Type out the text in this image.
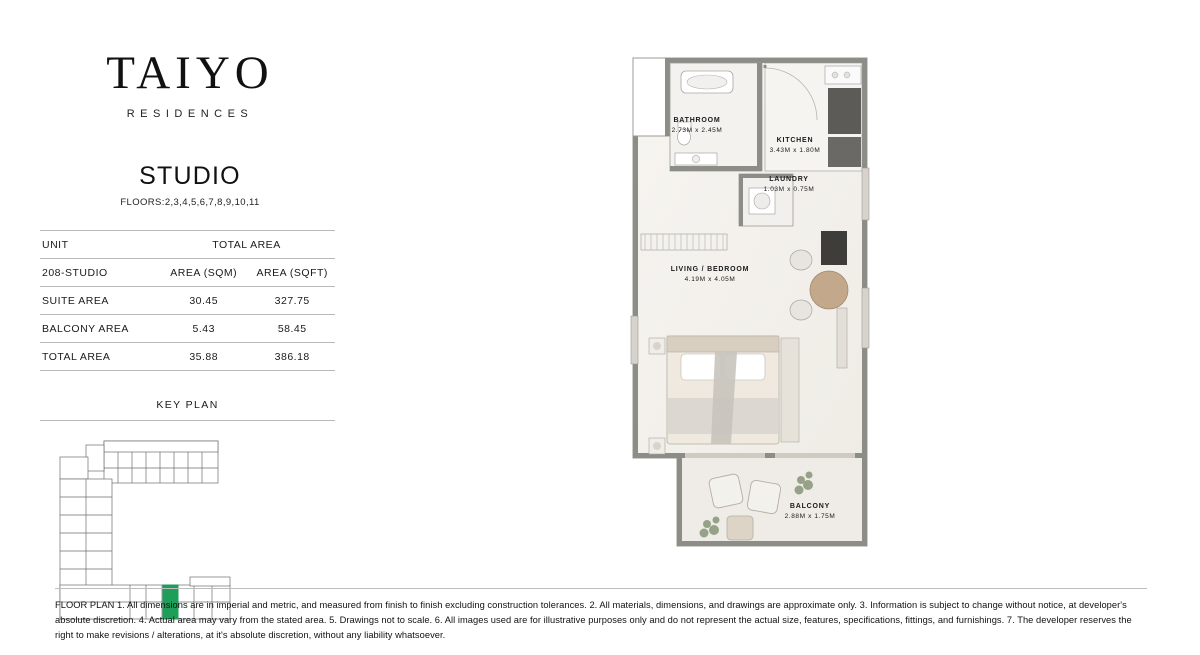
TAIYO
RESIDENCES
STUDIO
FLOORS:2,3,4,5,6,7,8,9,10,11
UNIT	TOTAL AREA	
208-STUDIO	AREA (SQM)	AREA (SQFT)
SUITE AREA	30.45	327.75
BALCONY AREA	5.43	58.45
TOTAL AREA	35.88	386.18
KEY PLAN
BATHROOM
2.73M x 2.45M
KITCHEN
3.43M x 1.80M
LAUNDRY
1.03M x 0.75M
LIVING / BEDROOM
4.19M x 4.05M
BALCONY
2.88M x 1.75M
FLOOR PLAN 1. All dimensions are in imperial and metric, and measured from finish to finish excluding construction tolerances. 2. All materials, dimensions, and drawings are approximate only. 3. Information is subject to change without notice, at developer's absolute discretion. 4. Actual area may vary from the stated area. 5. Drawings not to scale. 6. All images used are for illustrative purposes only and do not represent the actual size, features, specifications, fittings, and furnishings. 7. The developer reserves the right to make revisions / alterations, at it's absolute discretion, without any liability whatsoever.
